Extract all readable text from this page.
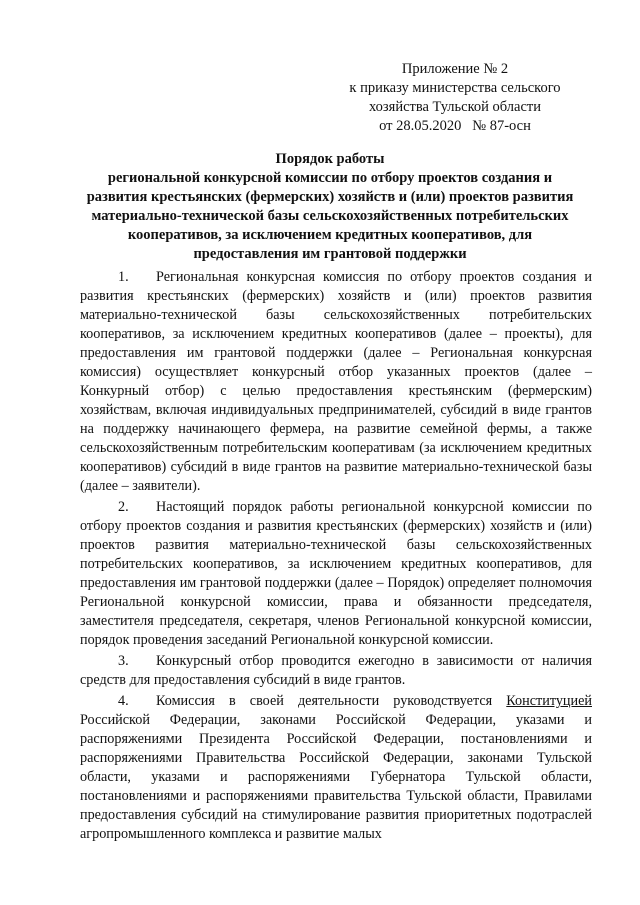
Приложение № 2
к приказу министерства сельского
хозяйства Тульской области
от 28.05.2020   № 87-осн
Порядок работы
региональной конкурсной комиссии по отбору проектов создания и
развития крестьянских (фермерских) хозяйств и (или) проектов развития
материально-технической базы сельскохозяйственных потребительских
кооперативов, за исключением кредитных кооперативов, для
предоставления им грантовой поддержки

1. Региональная конкурсная комиссия по отбору проектов создания и развития крестьянских (фермерских) хозяйств и (или) проектов развития материально-технической базы сельскохозяйственных потребительских кооперативов, за исключением кредитных кооперативов (далее – проекты), для предоставления им грантовой поддержки (далее – Региональная конкурсная комиссия) осуществляет конкурсный отбор указанных проектов (далее – Конкурный отбор) с целью предоставления крестьянским (фермерским) хозяйствам, включая индивидуальных предпринимателей, субсидий в виде грантов на поддержку начинающего фермера, на развитие семейной фермы, а также сельскохозяйственным потребительским кооперативам (за исключением кредитных кооперативов) субсидий в виде грантов на развитие материально-технической базы (далее – заявители).

2. Настоящий порядок работы региональной конкурсной комиссии по отбору проектов создания и развития крестьянских (фермерских) хозяйств и (или) проектов развития материально-технической базы сельскохозяйственных потребительских кооперативов, за исключением кредитных кооперативов, для предоставления им грантовой поддержки (далее – Порядок) определяет полномочия Региональной конкурсной комиссии, права и обязанности председателя, заместителя председателя, секретаря, членов Региональной конкурсной комиссии, порядок проведения заседаний Региональной конкурсной комиссии.

3. Конкурсный отбор проводится ежегодно в зависимости от наличия средств для предоставления субсидий в виде грантов.

4. Комиссия в своей деятельности руководствуется Конституцией Российской Федерации, законами Российской Федерации, указами и распоряжениями Президента Российской Федерации, постановлениями и распоряжениями Правительства Российской Федерации, законами Тульской области, указами и распоряжениями Губернатора Тульской области, постановлениями и распоряжениями правительства Тульской области, Правилами предоставления субсидий на стимулирование развития приоритетных подотраслей агропромышленного комплекса и развитие малых
